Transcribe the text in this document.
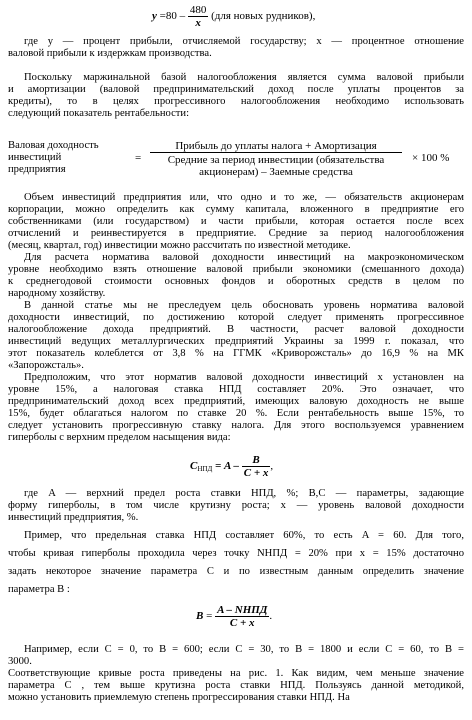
$y =80 - \frac{480}{x} (для$ новых рудников),
где y — процент прибыли, отчисляемой государству; x — процентное отношение
валовой прибыли к издержкам производства.
Поскольку маржинальной базой налогообложения является сумма валовой прибыли
и амортизации (валовой предпринимательский доход после уплаты процентов за
кредиты), то в целях прогрессивного налогообложения необходимо использовать
следующий показатель рентабельности:
Валовая доходность
инвестиций
предприятия
=
Прибыль до уплаты налога + Амортизация
Средние за период инвестиции (обязательства
акционерам) – Заемные средства
× 100 %
Объем инвестиций предприятия или, что одно и то же, — обязательств акционерам
корпорации, можно определить как сумму капитала, вложенного в предприятие его
собственниками (или государством) и части прибыли, которая остается после всех
отчислений и реинвестируется в предприятие. Средние за период налогообложения
(месяц, квартал, год) инвестиции можно рассчитать по известной методике.
Для расчета норматива валовой доходности инвестиций на макроэкономическом
уровне необходимо взять отношение валовой прибыли экономики (смешанного дохода)
к среднегодовой стоимости основных фондов и оборотных средств в целом по
народному хозяйству.
В данной статье мы не преследуем цель обосновать уровень норматива валовой
доходности инвестиций, по достижению которой следует применять прогрессивное
налогообложение дохода предприятий. В частности, расчет валовой доходности
инвестиций ведущих металлургических предприятий Украины за 1999 г. показал, что
этот показатель колеблется от 3,8 % на ГГМК «Криворожсталь» до 16,9 % на МК
«Запорожсталь».
Предположим, что этот норматив валовой доходности инвестиций x установлен на
уровне 15%, а налоговая ставка НПД составляет 20%. Это означает, что
предпринимательский доход всех предприятий, имеющих валовую доходность не выше
15%, будет облагаться налогом по ставке 20 %. Если рентабельность выше 15%, то
следует установить прогрессивную ставку налога. Для этого воспользуемся уравнением
гиперболы с верхним пределом насыщения вида:
$C_{НПД} = A - \frac{B}{C + x}$ ,
где A — верхний предел роста ставки НПД, %; B,C — параметры, задающие
форму гиперболы, в том числе крутизну роста; x — уровень валовой доходности
инвестиций предприятия, %.
Пример, что предельная ставка НПД составляет 60%, то есть A = 60. Для того,
чтобы кривая гиперболы проходила через точку NНПД = 20% при x = 15% достаточно
задать некоторое значение параметра C и по известным данным определить значение
параметра B :
$B = \frac{\text{A – NНПД}}{C + x}$ .
Например, если C = 0, то B = 600; если C = 30, то B = 1800 и если C = 60, то B =
3000.
Соответствующие кривые роста приведены на рис. 1. Как видим, чем меньше значение
параметра C , тем выше крутизна роста ставки НПД. Пользуясь данной методикой,
можно установить приемлемую степень прогрессирования ставки НПД. На
